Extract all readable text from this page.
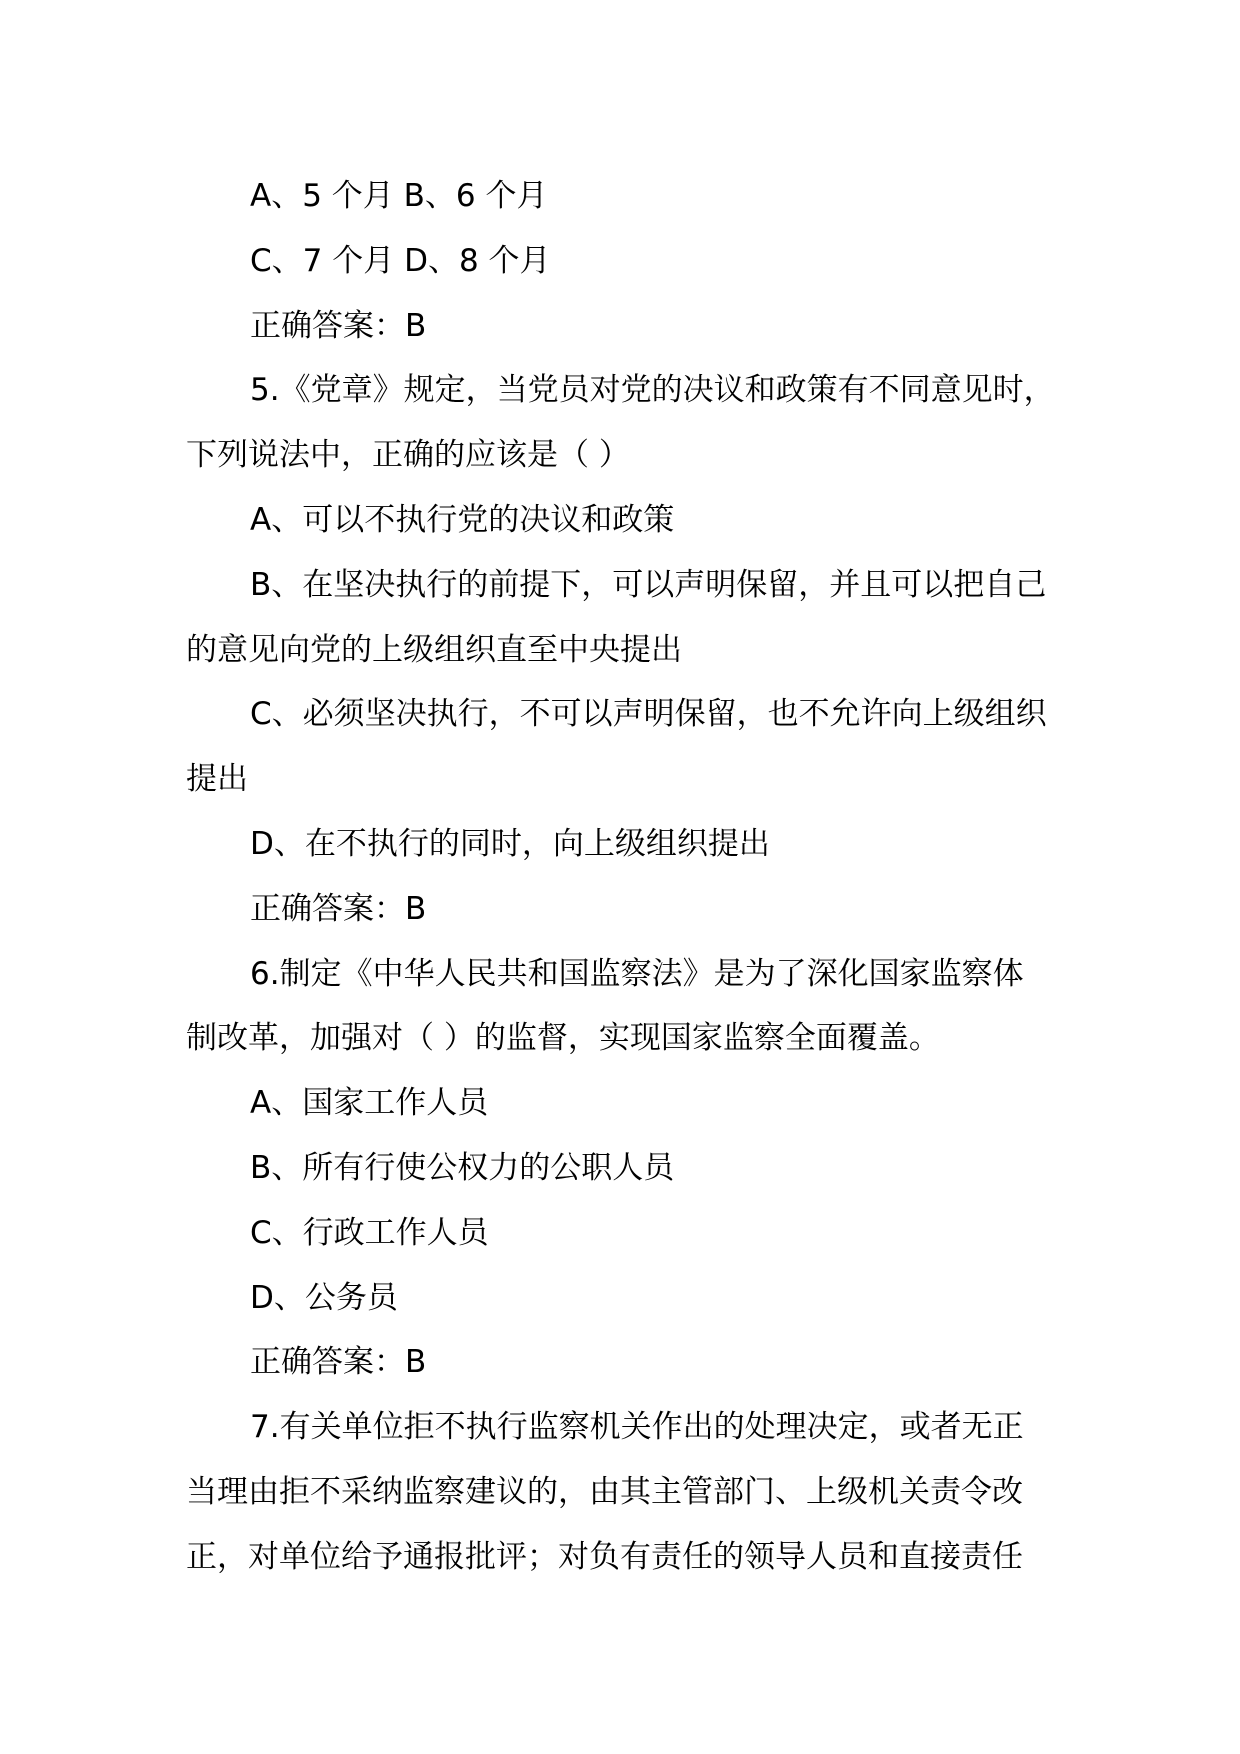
A、5 个月 B、6 个月
C、7 个月 D、8 个月
正确答案：B
5.《党章》规定，当党员对党的决议和政策有不同意见时，
下列说法中，正确的应该是（ ）
A、可以不执行党的决议和政策
B、在坚决执行的前提下，可以声明保留，并且可以把自己
的意见向党的上级组织直至中央提出
C、必须坚决执行，不可以声明保留，也不允许向上级组织
提出
D、在不执行的同时，向上级组织提出
正确答案：B
6.制定《中华人民共和国监察法》是为了深化国家监察体
制改革，加强对（ ）的监督，实现国家监察全面覆盖。
A、国家工作人员
B、所有行使公权力的公职人员
C、行政工作人员
D、公务员
正确答案：B
7.有关单位拒不执行监察机关作出的处理决定，或者无正
当理由拒不采纳监察建议的，由其主管部门、上级机关责令改
正，对单位给予通报批评；对负有责任的领导人员和直接责任
